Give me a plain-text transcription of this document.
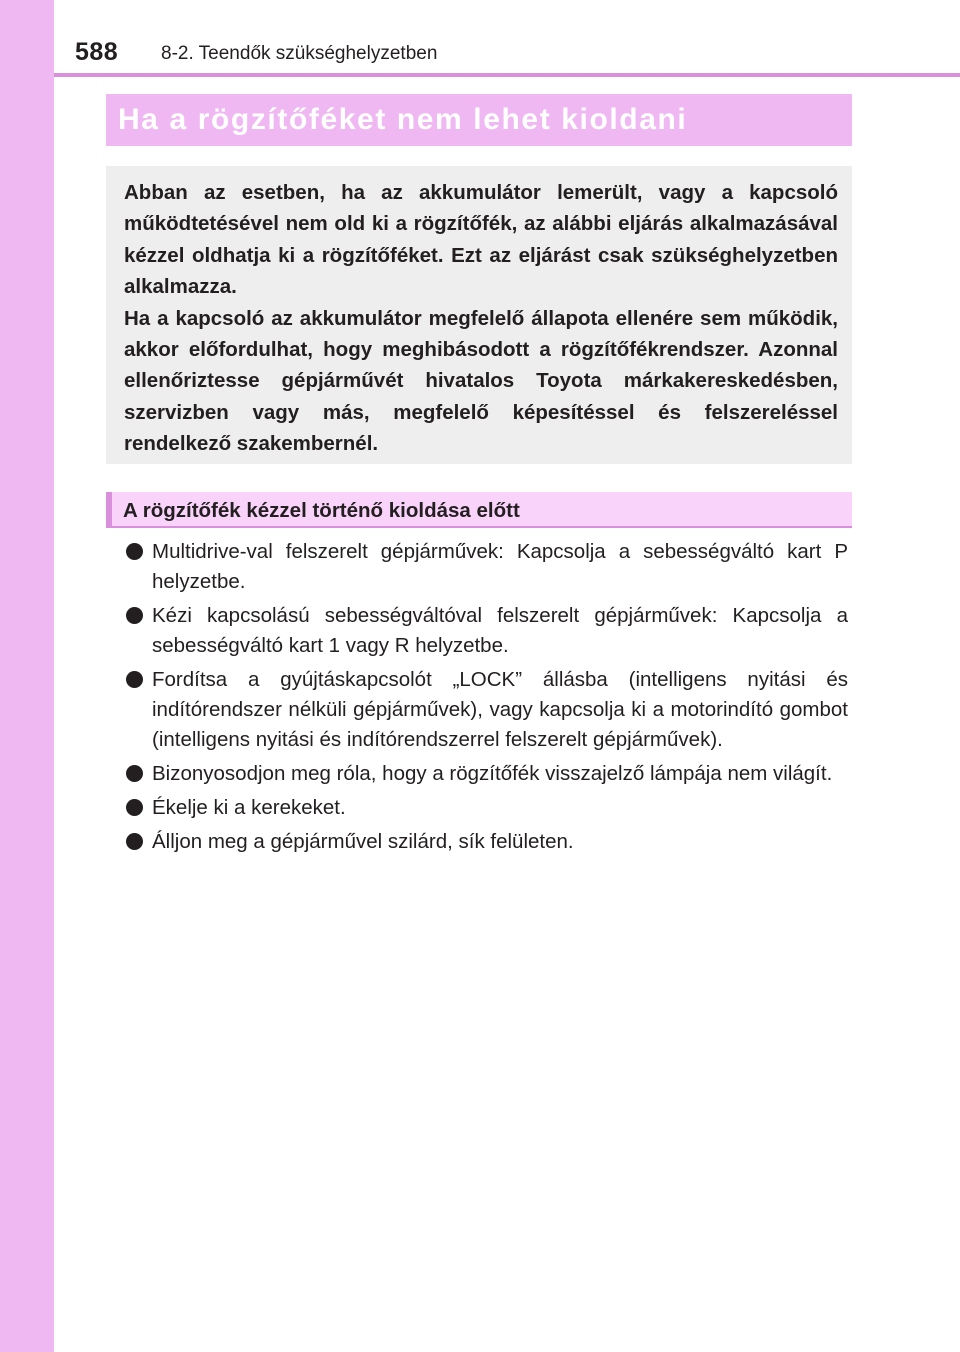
588 8-2. Teendők szükséghelyzetben
Ha a rögzítőféket nem lehet kioldani

Abban az esetben, ha az akkumulátor lemerült, vagy a kapcsoló működtetésével nem old ki a rögzítőfék, az alábbi eljárás alkalmazásával kézzel oldhatja ki a rögzítőféket. Ezt az eljárást csak szükséghelyzetben alkalmazza.

Ha a kapcsoló az akkumulátor megfelelő állapota ellenére sem működik, akkor előfordulhat, hogy meghibásodott a rögzítőfékrendszer. Azonnal ellenőriztesse gépjárművét hivatalos Toyota márkakereskedésben, szervizben vagy más, megfelelő képesítéssel és felszereléssel rendelkező szakembernél.

A rögzítőfék kézzel történő kioldása előtt
Multidrive-val felszerelt gépjárművek: Kapcsolja a sebességváltó kart P helyzetbe.
Kézi kapcsolású sebességváltóval felszerelt gépjárművek: Kapcsolja a sebességváltó kart 1 vagy R helyzetbe.
Fordítsa a gyújtáskapcsolót „LOCK” állásba (intelligens nyitási és indítórendszer nélküli gépjárművek), vagy kapcsolja ki a motorindító gombot (intelligens nyitási és indítórendszerrel felszerelt gépjárművek).
Bizonyosodjon meg róla, hogy a rögzítőfék visszajelző lámpája nem világít.
Ékelje ki a kerekeket.
Álljon meg a gépjárművel szilárd, sík felületen.
